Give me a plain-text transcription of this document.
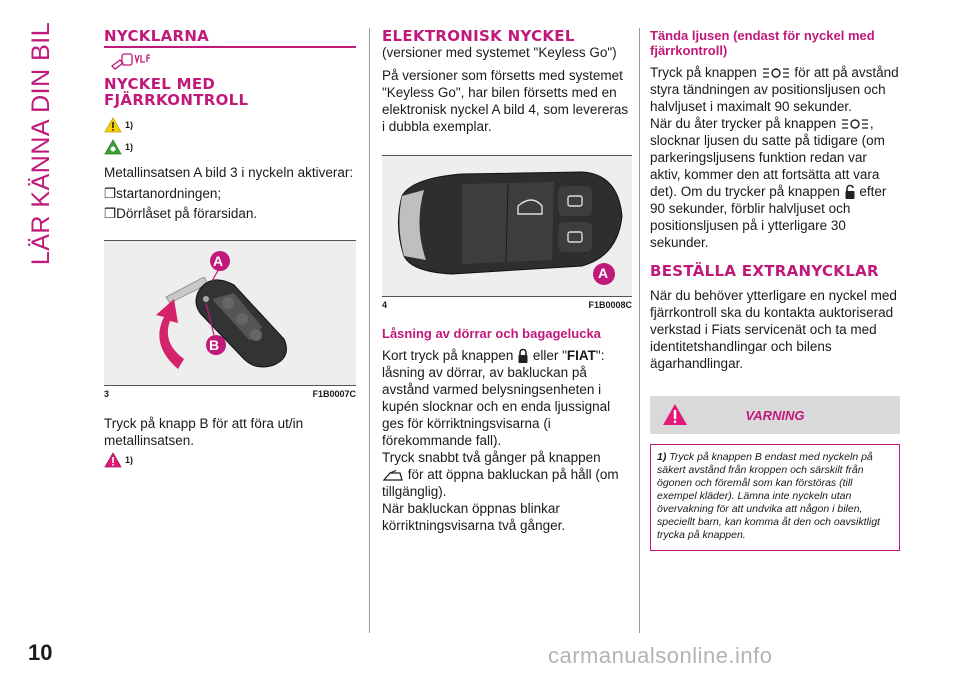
LÄR KÄNNA DIN BIL
10
NYCKLARNA
NYCKEL MED FJÄRRKONTROLL
1)
1)

Metallinsatsen A bild 3 i nyckeln aktiverar:

❒startanordningen;

❒Dörrlåset på förarsidan.

A
B
3	F1B0007C

Tryck på knapp B för att föra ut/in metallinsatsen.

1)
ELEKTRONISK NYCKEL

(versioner med systemet "Keyless Go")

På versioner som försetts med systemet "Keyless Go", har bilen försetts med en elektronisk nyckel A bild 4, som levereras i dubbla exemplar.

A
4	F1B0008C
Låsning av dörrar och bagagelucka

Kort tryck på knappen eller "FIAT": låsning av dörrar, av bakluckan på avstånd varmed belysningsenheten i kupén slocknar och en enda ljussignal ges för körriktningsvisarna (i förekommande fall).

Tryck snabbt två gånger på knappen
för att öppna bakluckan på håll (om tillgänglig).

När bakluckan öppnas blinkar körriktningsvisarna två gånger.

Tända ljusen (endast för nyckel med fjärrkontroll)

Tryck på knappen	för att på avstånd styra tändningen av positionsljusen och halvljuset i maximalt 90 sekunder.

När du åter trycker på knappen	, slocknar ljusen du satte på tidigare (om parkeringsljusens funktion redan var aktiv, kommer den att fortsätta att vara det). Om du trycker på knappen efter 90 sekunder, förblir halvljuset och positionsljusen på i ytterligare 30 sekunder.

BESTÄLLA EXTRANYCKLAR

När du behöver ytterligare en nyckel med fjärrkontroll ska du kontakta auktoriserad verkstad i Fiats servicenät och ta med identitetshandlingar och bilens ägarhandlingar.

VARNING
1) Tryck på knappen B endast med nyckeln på säkert avstånd från kroppen och särskilt från ögonen och föremål som kan förstöras (till exempel kläder). Lämna inte nyckeln utan övervakning för att undvika att någon i bilen, speciellt barn, kan komma åt den och oavsiktligt trycka på knappen.
carmanualsonline.info
